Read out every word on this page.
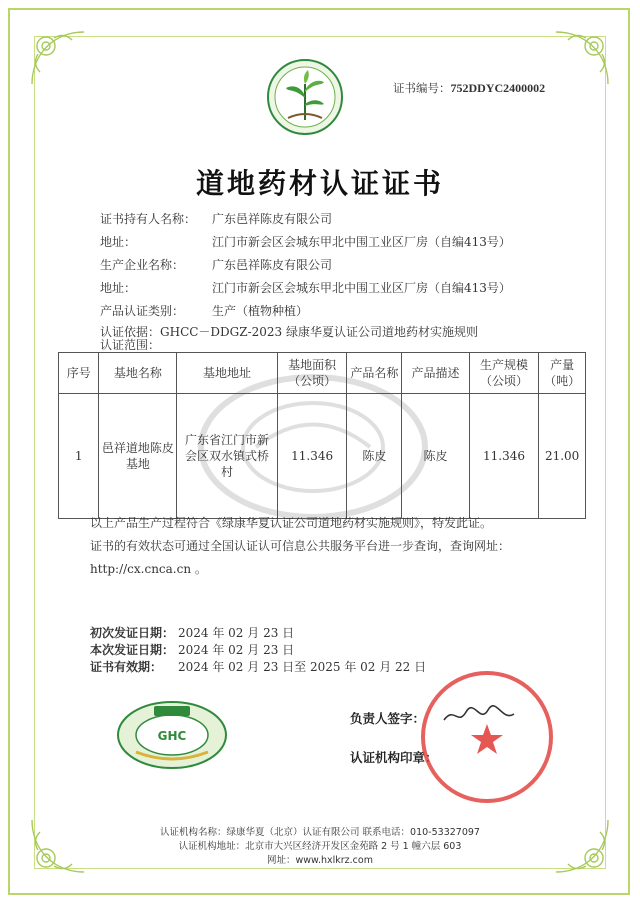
证书编号：752DDYC2400002
道地药材认证证书
证书持有人名称： 广东邑祥陈皮有限公司
地址：	江门市新会区会城东甲北中围工业区厂房（自编413号）
生产企业名称： 广东邑祥陈皮有限公司
地址：	江门市新会区会城东甲北中围工业区厂房（自编413号）
产品认证类别： 生产（植物种植）
认证依据：GHCC－DDGZ-2023 绿康华夏认证公司道地药材实施规则
认证范围：
序号	基地名称	基地地址	基地面积（公顷）	产品名称	产品描述	生产规模（公顷）	产量（吨）
1	邑祥道地陈皮基地	广东省江门市新会区双水镇式桥村	11.346	陈皮	陈皮	11.346	21.00
以上产品生产过程符合《绿康华夏认证公司道地药材实施规则》，特发此证。
证书的有效状态可通过全国认证认可信息公共服务平台进一步查询，查询网址：
http://cx.cnca.cn 。
初次发证日期： 2024 年 02 月 23 日
本次发证日期： 2024 年 02 月 23 日
证书有效期： 2024 年 02 月 23 日至 2025 年 02 月 22 日
GHC
负责人签字：
认证机构印章：
认证机构名称：绿康华夏（北京）认证有限公司 联系电话：010-53327097
认证机构地址：北京市大兴区经济开发区金苑路 2 号 1 幢六层 603
网址：www.hxlkrz.com
